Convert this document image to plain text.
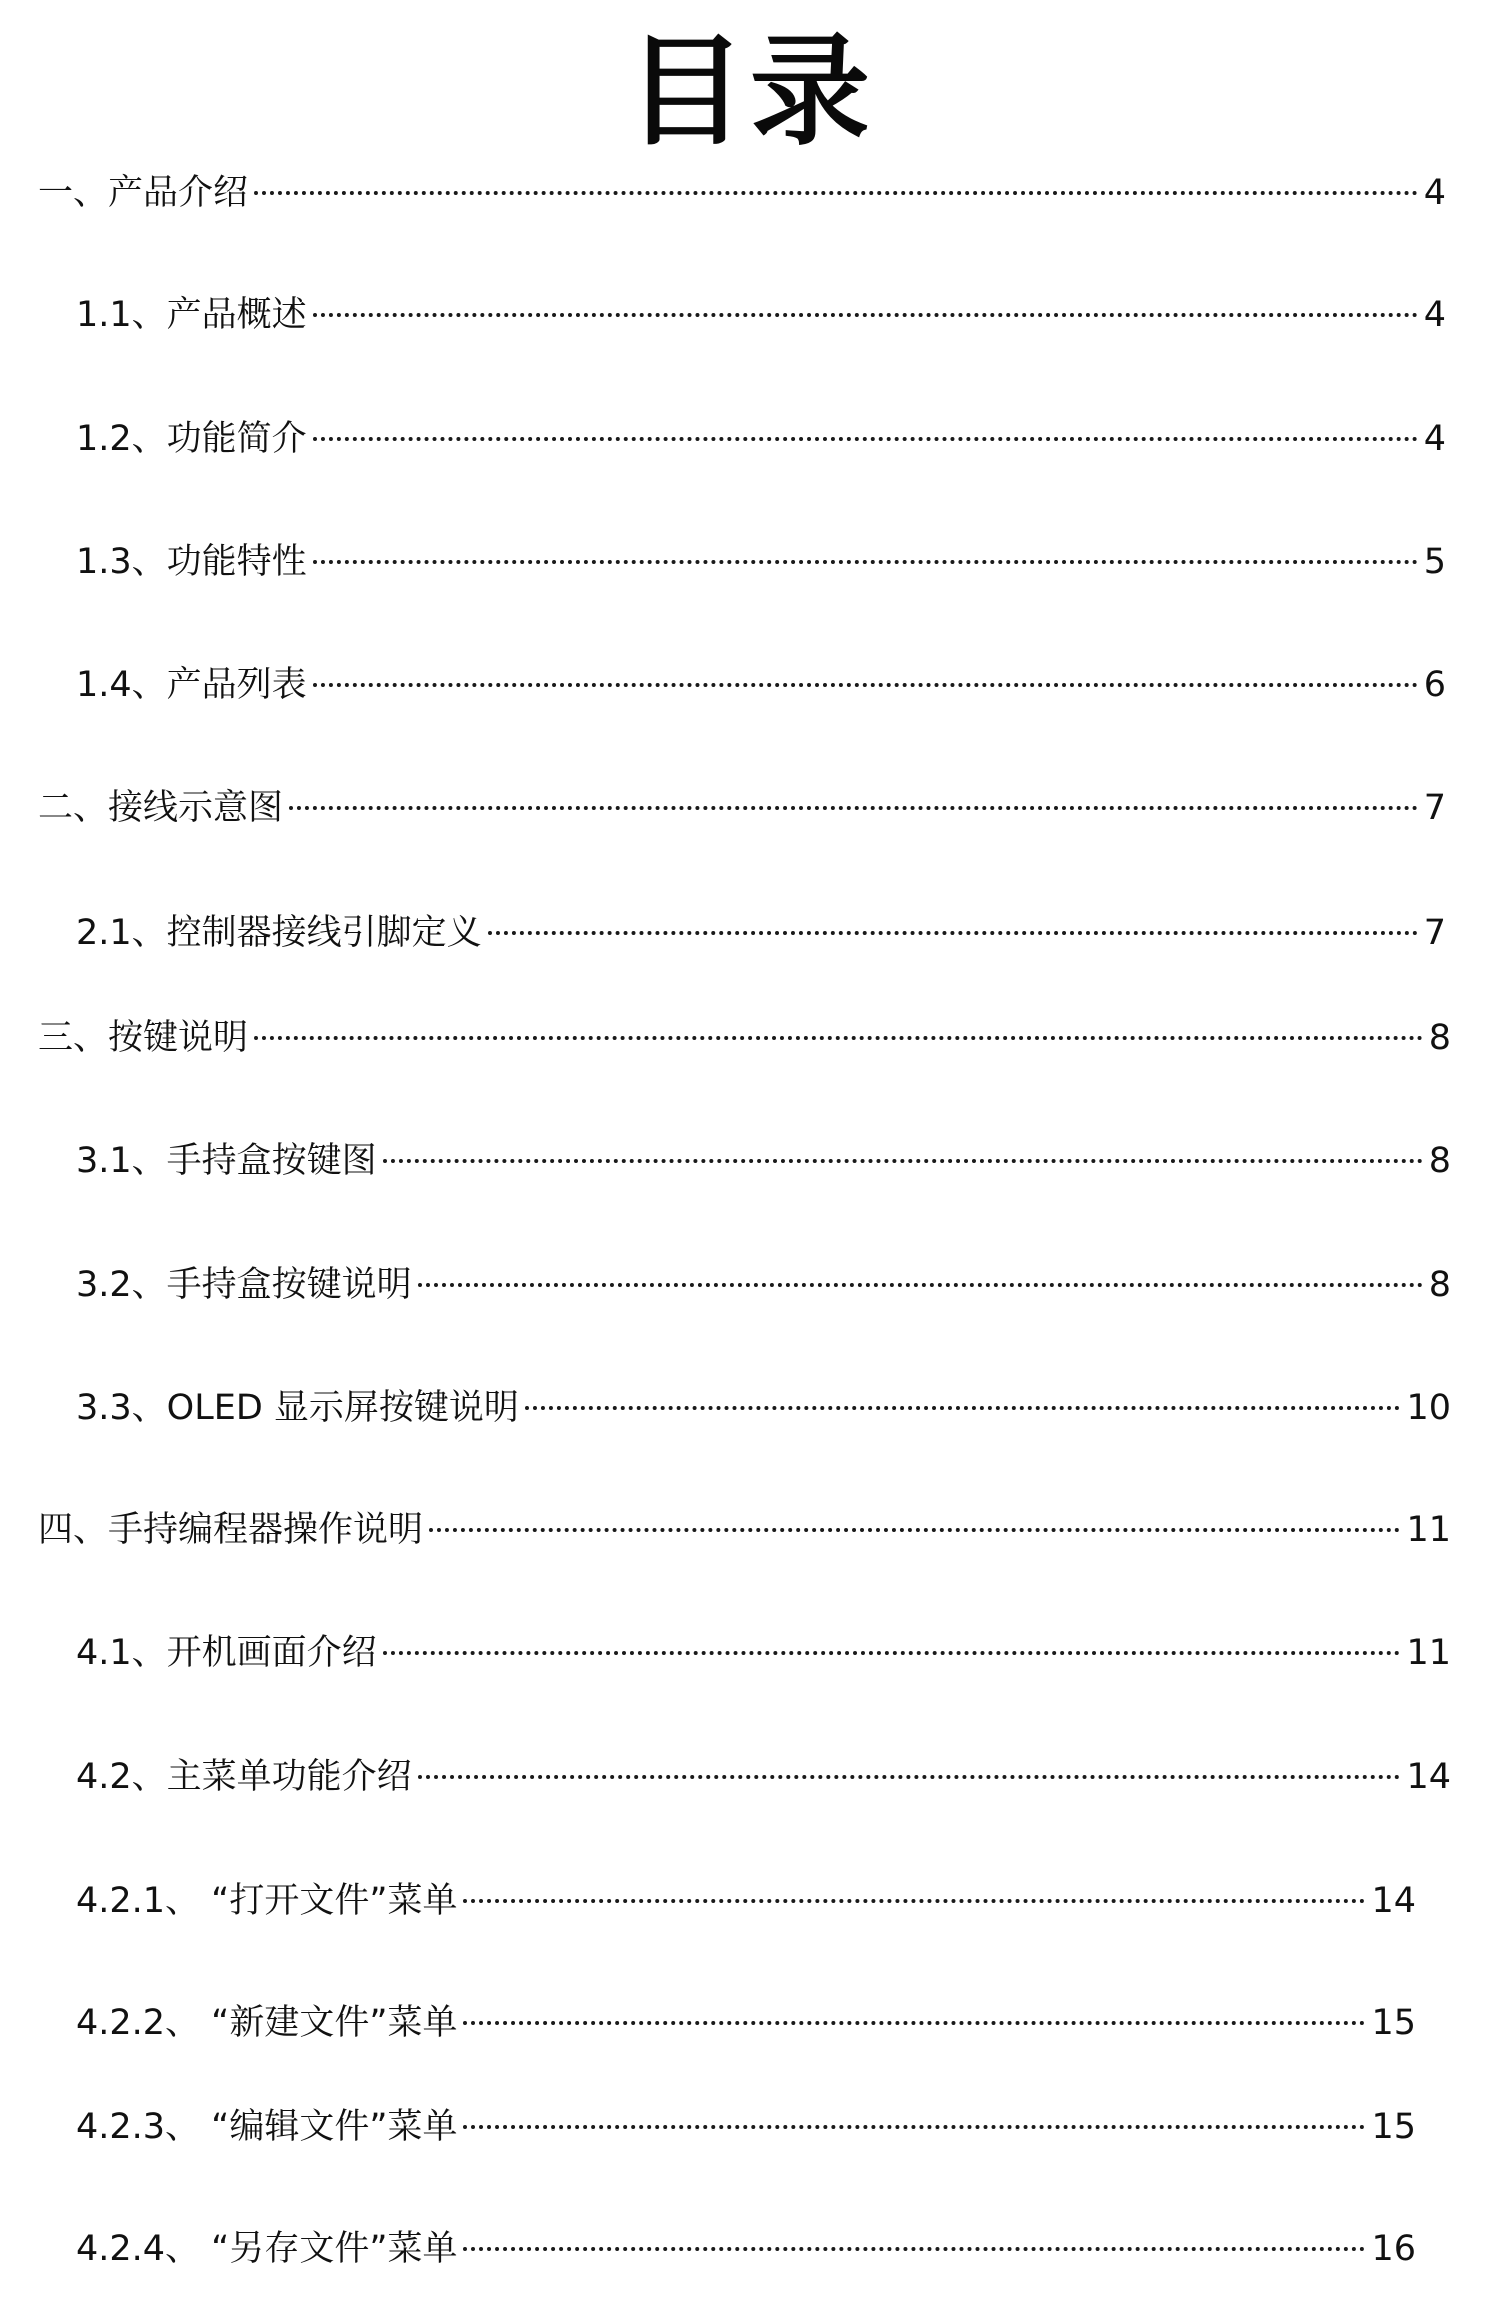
目录
一、产品介绍	4
1.1、产品概述	4
1.2、功能简介	4
1.3、功能特性	5
1.4、产品列表	6
二、接线示意图	7
2.1、控制器接线引脚定义	7
三、按键说明	8
3.1、手持盒按键图	8
3.2、手持盒按键说明	8
3.3、OLED 显示屏按键说明	10
四、手持编程器操作说明	11
4.1、开机画面介绍	11
4.2、主菜单功能介绍	14
4.2.1、 “打开文件”菜单	14
4.2.2、 “新建文件”菜单	15
4.2.3、 “编辑文件”菜单	15
4.2.4、 “另存文件”菜单	16
